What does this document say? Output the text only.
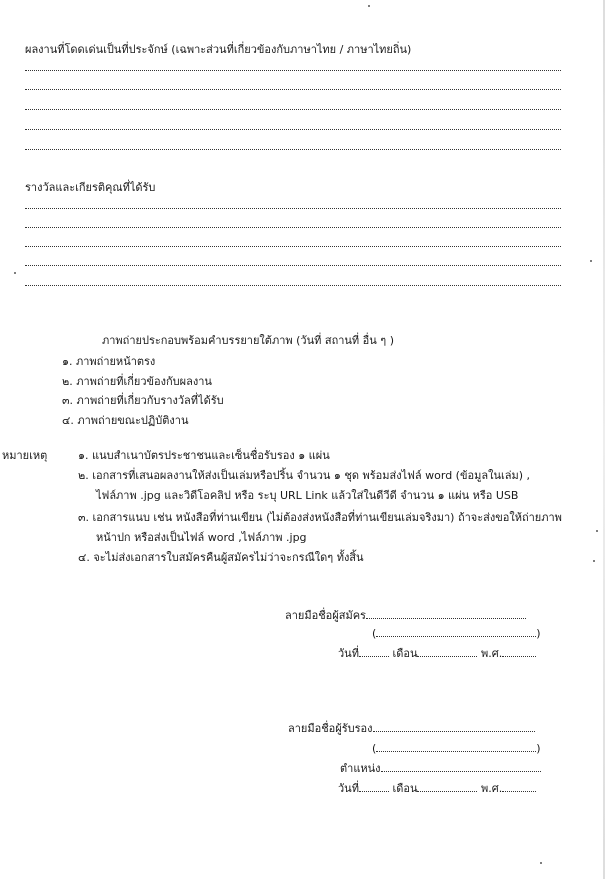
ผลงานที่โดดเด่นเป็นที่ประจักษ์ (เฉพาะส่วนที่เกี่ยวข้องกับภาษาไทย / ภาษาไทยถิ่น)
รางวัลและเกียรติคุณที่ได้รับ
ภาพถ่ายประกอบพร้อมคำบรรยายใต้ภาพ (วันที่ สถานที่ อื่น ๆ )
๑. ภาพถ่ายหน้าตรง
๒. ภาพถ่ายที่เกี่ยวข้องกับผลงาน
๓. ภาพถ่ายที่เกี่ยวกับรางวัลที่ได้รับ
๔. ภาพถ่ายขณะปฏิบัติงาน
หมายเหตุ	๑. แนบสำเนาบัตรประชาชนและเซ็นชื่อรับรอง ๑ แผ่น
๒. เอกสารที่เสนอผลงานให้ส่งเป็นเล่มหรือปริ้น จำนวน ๑ ชุด พร้อมส่งไฟล์ word (ข้อมูลในเล่ม) ,
ไฟล์ภาพ .jpg และวิดีโอคลิป หรือ ระบุ URL Link แล้วใส่ในดีวีดี จำนวน ๑ แผ่น หรือ USB
๓. เอกสารแนบ เช่น หนังสือที่ท่านเขียน (ไม่ต้องส่งหนังสือที่ท่านเขียนเล่มจริงมา) ถ้าจะส่งขอให้ถ่ายภาพ
หน้าปก หรือส่งเป็นไฟล์ word ,ไฟล์ภาพ .jpg
๔. จะไม่ส่งเอกสารใบสมัครคืนผู้สมัครไม่ว่าจะกรณีใดๆ ทั้งสิ้น
ลายมือชื่อผู้สมัคร
(	)
วันที่	เดือน	พ.ศ.
ลายมือชื่อผู้รับรอง
(	)
ตำแหน่ง
วันที่	เดือน	พ.ศ.
